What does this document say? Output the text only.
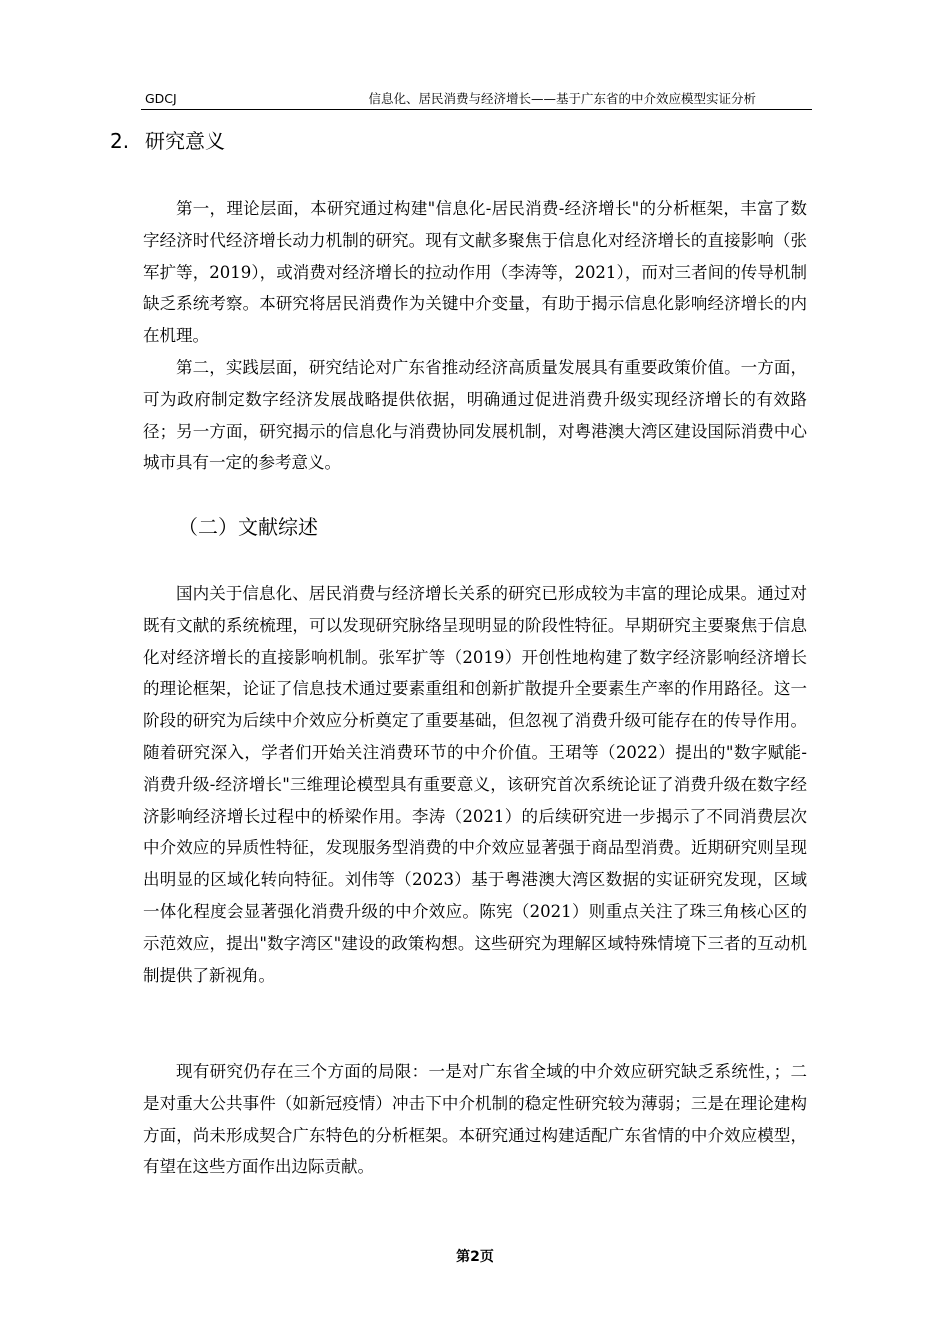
GDCJ	信息化、居民消费与经济增长——基于广东省的中介效应模型实证分析
2. 研究意义

第一，理论层面，本研究通过构建"信息化-居民消费-经济增长"的分析框架，丰富了数字经济时代经济增长动力机制的研究。现有文献多聚焦于信息化对经济增长的直接影响（张军扩等，2019），或消费对经济增长的拉动作用（李涛等，2021），而对三者间的传导机制缺乏系统考察。本研究将居民消费作为关键中介变量，有助于揭示信息化影响经济增长的内在机理。

第二，实践层面，研究结论对广东省推动经济高质量发展具有重要政策价值。一方面，可为政府制定数字经济发展战略提供依据，明确通过促进消费升级实现经济增长的有效路径；另一方面，研究揭示的信息化与消费协同发展机制，对粤港澳大湾区建设国际消费中心城市具有一定的参考意义。

（二）文献综述

国内关于信息化、居民消费与经济增长关系的研究已形成较为丰富的理论成果。通过对既有文献的系统梳理，可以发现研究脉络呈现明显的阶段性特征。早期研究主要聚焦于信息化对经济增长的直接影响机制。张军扩等（2019）开创性地构建了数字经济影响经济增长的理论框架，论证了信息技术通过要素重组和创新扩散提升全要素生产率的作用路径。这一阶段的研究为后续中介效应分析奠定了重要基础，但忽视了消费升级可能存在的传导作用。随着研究深入，学者们开始关注消费环节的中介价值。王珺等（2022）提出的"数字赋能-消费升级-经济增长"三维理论模型具有重要意义，该研究首次系统论证了消费升级在数字经济影响经济增长过程中的桥梁作用。李涛（2021）的后续研究进一步揭示了不同消费层次中介效应的异质性特征，发现服务型消费的中介效应显著强于商品型消费。近期研究则呈现出明显的区域化转向特征。刘伟等（2023）基于粤港澳大湾区数据的实证研究发现，区域一体化程度会显著强化消费升级的中介效应。陈宪（2021）则重点关注了珠三角核心区的示范效应，提出"数字湾区"建设的政策构想。这些研究为理解区域特殊情境下三者的互动机制提供了新视角。

现有研究仍存在三个方面的局限：一是对广东省全域的中介效应研究缺乏系统性，；二是对重大公共事件（如新冠疫情）冲击下中介机制的稳定性研究较为薄弱；三是在理论建构方面，尚未形成契合广东特色的分析框架。本研究通过构建适配广东省情的中介效应模型，有望在这些方面作出边际贡献。

第2页
